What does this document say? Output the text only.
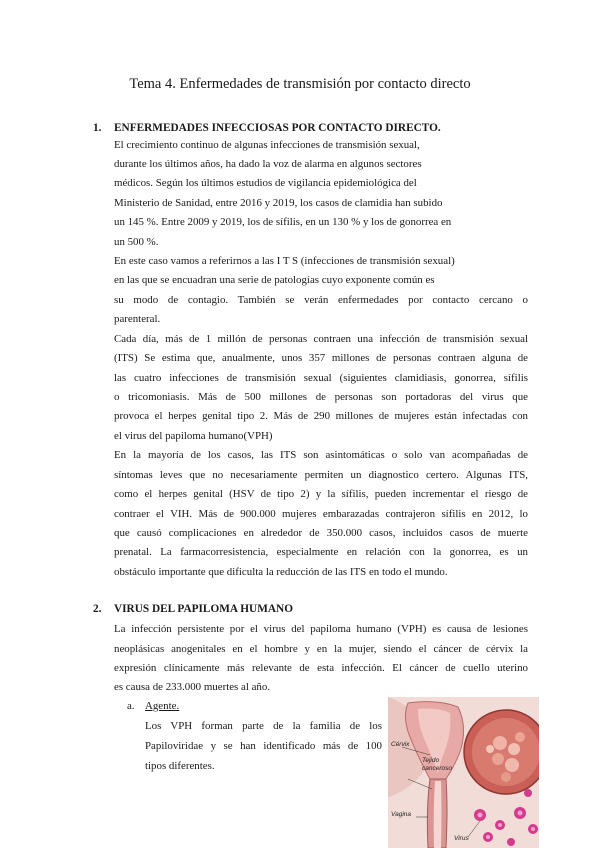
Tema 4. Enfermedades de transmisión por contacto directo
1. ENFERMEDADES INFECCIOSAS POR CONTACTO DIRECTO.
El crecimiento continuo de algunas infecciones de transmisión sexual,
durante los últimos años, ha dado la voz de alarma en algunos sectores
médicos. Según los últimos estudios de vigilancia epidemiológica del
Ministerio de Sanidad, entre 2016 y 2019, los casos de clamidia han subido
un 145 %. Entre 2009 y 2019, los de sífilis, en un 130 % y los de gonorrea en
un 500 %.
En este caso vamos a referirnos a las I T S (infecciones de transmisión sexual)
en las que se encuadran una serie de patologías cuyo exponente común es
su modo de contagio. También se verán enfermedades por contacto cercano o
parenteral.
Cada día, más de 1 millón de personas contraen una infección de transmisión sexual
(ITS) Se estima que, anualmente, unos 357 millones de personas contraen alguna de
las cuatro infecciones de transmisión sexual (siguientes clamidiasis, gonorrea, sífilis
o tricomoniasis. Más de 500 millones de personas son portadoras del virus que
provoca el herpes genital tipo 2. Más de 290 millones de mujeres están infectadas con
el virus del papiloma humano(VPH)
En la mayoría de los casos, las ITS son asintomáticas o solo van acompañadas de
síntomas leves que no necesariamente permiten un diagnostico certero. Algunas ITS,
como el herpes genital (HSV de tipo 2) y la sífilis, pueden incrementar el riesgo de
contraer el VIH. Más de 900.000 mujeres embarazadas contrajeron sífilis en 2012, lo
que causó complicaciones en alrededor de 350.000 casos, incluidos casos de muerte
prenatal. La farmacorresistencia, especialmente en relación con la gonorrea, es un
obstáculo importante que dificulta la reducción de las ITS en todo el mundo.
2. VIRUS DEL PAPILOMA HUMANO
La infección persistente por el virus del papiloma humano (VPH) es causa de lesiones
neoplásicas anogenitales en el hombre y en la mujer, siendo el cáncer de cérvix la
expresión clínicamente más relevante de esta infección. El cáncer de cuello uterino
es causa de 233.000 muertes al año.
a. Agente.
Los VPH forman parte de la familia de los
Papiloviridae y se han identificado más de 100
tipos diferentes.
Cérvix
Tejido
canceroso
Vagina
Virus
